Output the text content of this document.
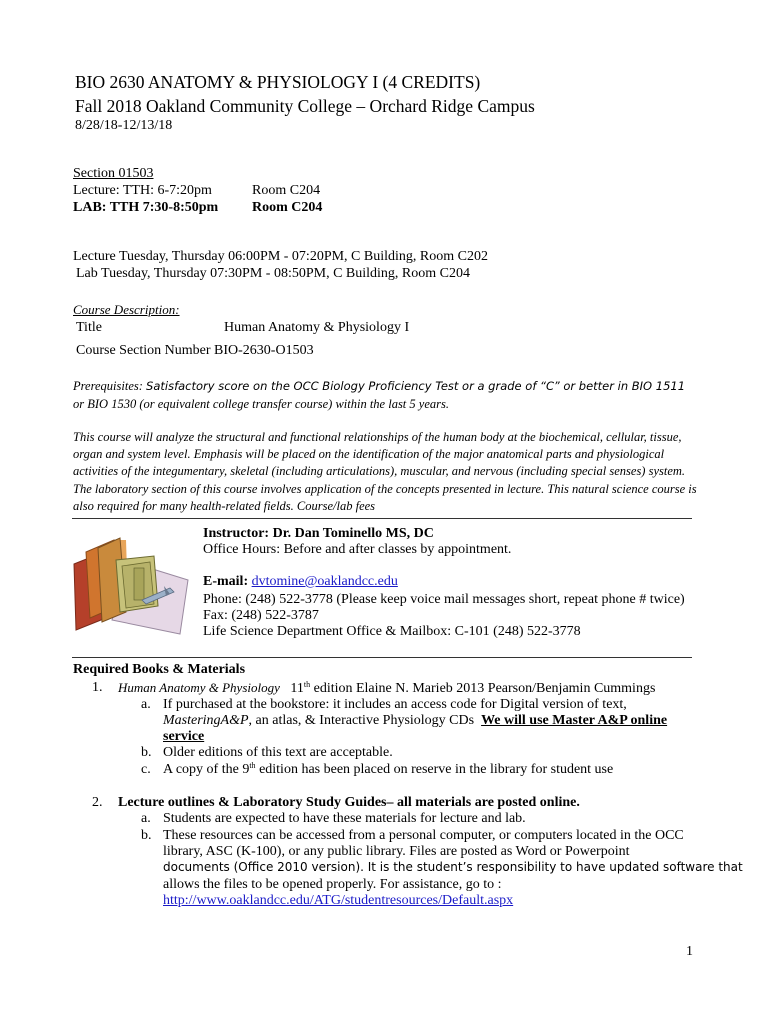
BIO 2630 ANATOMY & PHYSIOLOGY I (4 CREDITS)
Fall 2018 Oakland Community College – Orchard Ridge Campus
8/28/18-12/13/18
Section 01503
Lecture: TTH: 6-7:20pm	Room C204
LAB: TTH 7:30-8:50pm Room C204
Lecture Tuesday, Thursday 06:00PM - 07:20PM, C Building, Room C202
Lab Tuesday, Thursday 07:30PM - 08:50PM, C Building, Room C204
Course Description:
Title	Human Anatomy & Physiology I
Course Section Number BIO-2630-O1503
Prerequisites: Satisfactory score on the OCC Biology Proficiency Test or a grade of “C” or better in BIO 1511
or BIO 1530 (or equivalent college transfer course) within the last 5 years.
This course will analyze the structural and functional relationships of the human body at the biochemical, cellular, tissue, organ and system level. Emphasis will be placed on the identification of the major anatomical parts and physiological activities of the integumentary, skeletal (including articulations), muscular, and nervous (including special senses) system. The laboratory section of this course involves application of the concepts presented in lecture. This natural science course is also required for many health-related fields. Course/lab fees
Instructor: Dr. Dan Tominello MS, DC
Office Hours: Before and after classes by appointment.
E-mail: dvtomine@oaklandcc.edu
Phone: (248) 522-3778 (Please keep voice mail messages short, repeat phone # twice)
Fax: (248) 522-3787
Life Science Department Office & Mailbox: C-101 (248) 522-3778
Required Books & Materials
1. Human Anatomy & Physiology 11th edition Elaine N. Marieb 2013 Pearson/Benjamin Cummings
a. If purchased at the bookstore: it includes an access code for Digital version of text,
MasteringA&P, an atlas, & Interactive Physiology CDs We will use Master A&P online
service
b. Older editions of this text are acceptable.
c. A copy of the 9th edition has been placed on reserve in the library for student use
2. Lecture outlines & Laboratory Study Guides– all materials are posted online.
a. Students are expected to have these materials for lecture and lab.
b. These resources can be accessed from a personal computer, or computers located in the OCC
library, ASC (K-100), or any public library. Files are posted as Word or Powerpoint
documents (Office 2010 version). It is the student’s responsibility to have updated software that
allows the files to be opened properly. For assistance, go to :
http://www.oaklandcc.edu/ATG/studentresources/Default.aspx
1
